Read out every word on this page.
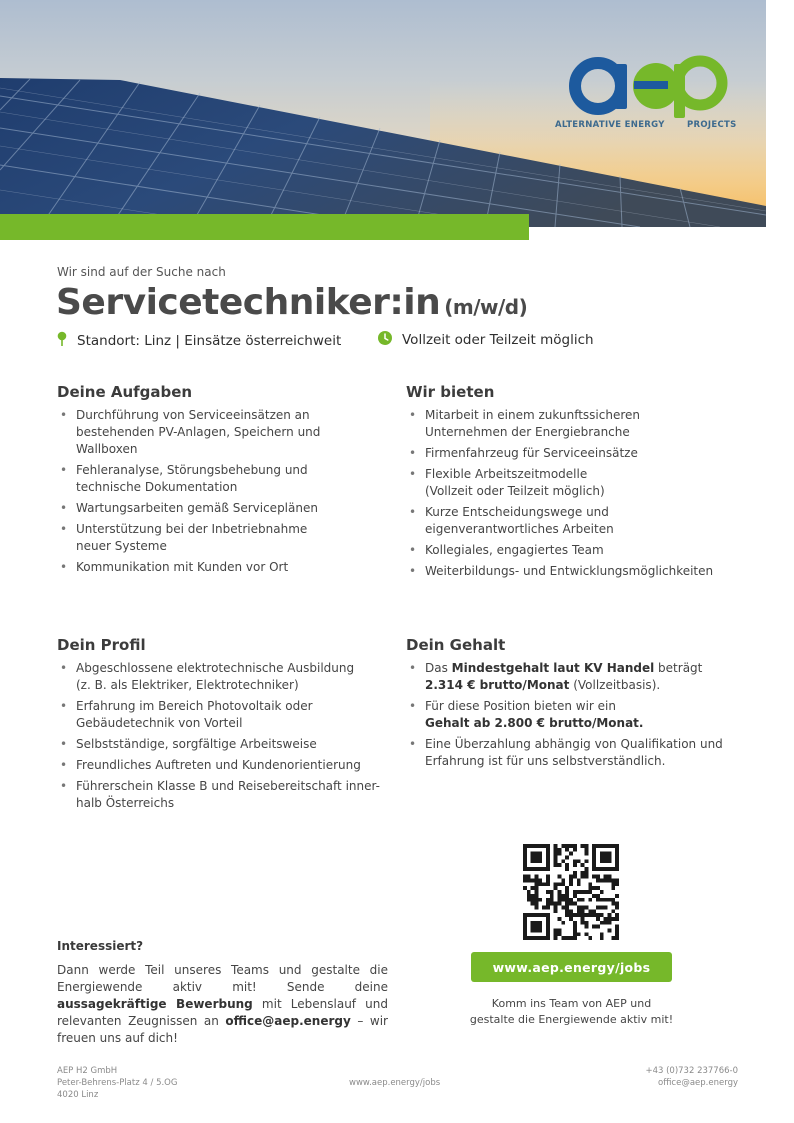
ALTERNATIVE ENERGY	PROJECTS
Wir sind auf der Suche nach
Servicetechniker:in (m/w/d)
Standort: Linz | Einsätze österreichweit	Vollzeit oder Teilzeit möglich
Deine Aufgaben
• Durchführung von Serviceeinsätzen an
bestehenden PV-Anlagen, Speichern und
Wallboxen
• Fehleranalyse, Störungsbehebung und
technische Dokumentation
• Wartungsarbeiten gemäß Serviceplänen
• Unterstützung bei der Inbetriebnahme
neuer Systeme
• Kommunikation mit Kunden vor Ort
Wir bieten
• Mitarbeit in einem zukunftssicheren
Unternehmen der Energiebranche
• Firmenfahrzeug für Serviceeinsätze
• Flexible Arbeitszeitmodelle
(Vollzeit oder Teilzeit möglich)
• Kurze Entscheidungswege und
eigenverantwortliches Arbeiten
• Kollegiales, engagiertes Team
• Weiterbildungs- und Entwicklungsmöglichkeiten
Dein Profil
• Abgeschlossene elektrotechnische Ausbildung
(z. B. als Elektriker, Elektrotechniker)
• Erfahrung im Bereich Photovoltaik oder
Gebäudetechnik von Vorteil
• Selbstständige, sorgfältige Arbeitsweise
• Freundliches Auftreten und Kundenorientierung
• Führerschein Klasse B und Reisebereitschaft inner-
halb Österreichs
Dein Gehalt
• Das Mindestgehalt laut KV Handel beträgt
2.314 € brutto/Monat (Vollzeitbasis).
• Für diese Position bieten wir ein
Gehalt ab 2.800 € brutto/Monat.
• Eine Überzahlung abhängig von Qualifikation und
Erfahrung ist für uns selbstverständlich.
Interessiert?
Dann werde Teil unseres Teams und gestalte die Energiewende aktiv mit! Sende deine aussagekräftige Bewerbung mit Lebenslauf und relevanten Zeugnissen an office@aep.energy – wir freuen uns auf dich!
www.aep.energy/jobs
Komm ins Team von AEP und
gestalte die Energiewende aktiv mit!
AEP H2 GmbH
Peter-Behrens-Platz 4 / 5.OG
4020 Linz
www.aep.energy/jobs
+43 (0)732 237766-0
office@aep.energy
